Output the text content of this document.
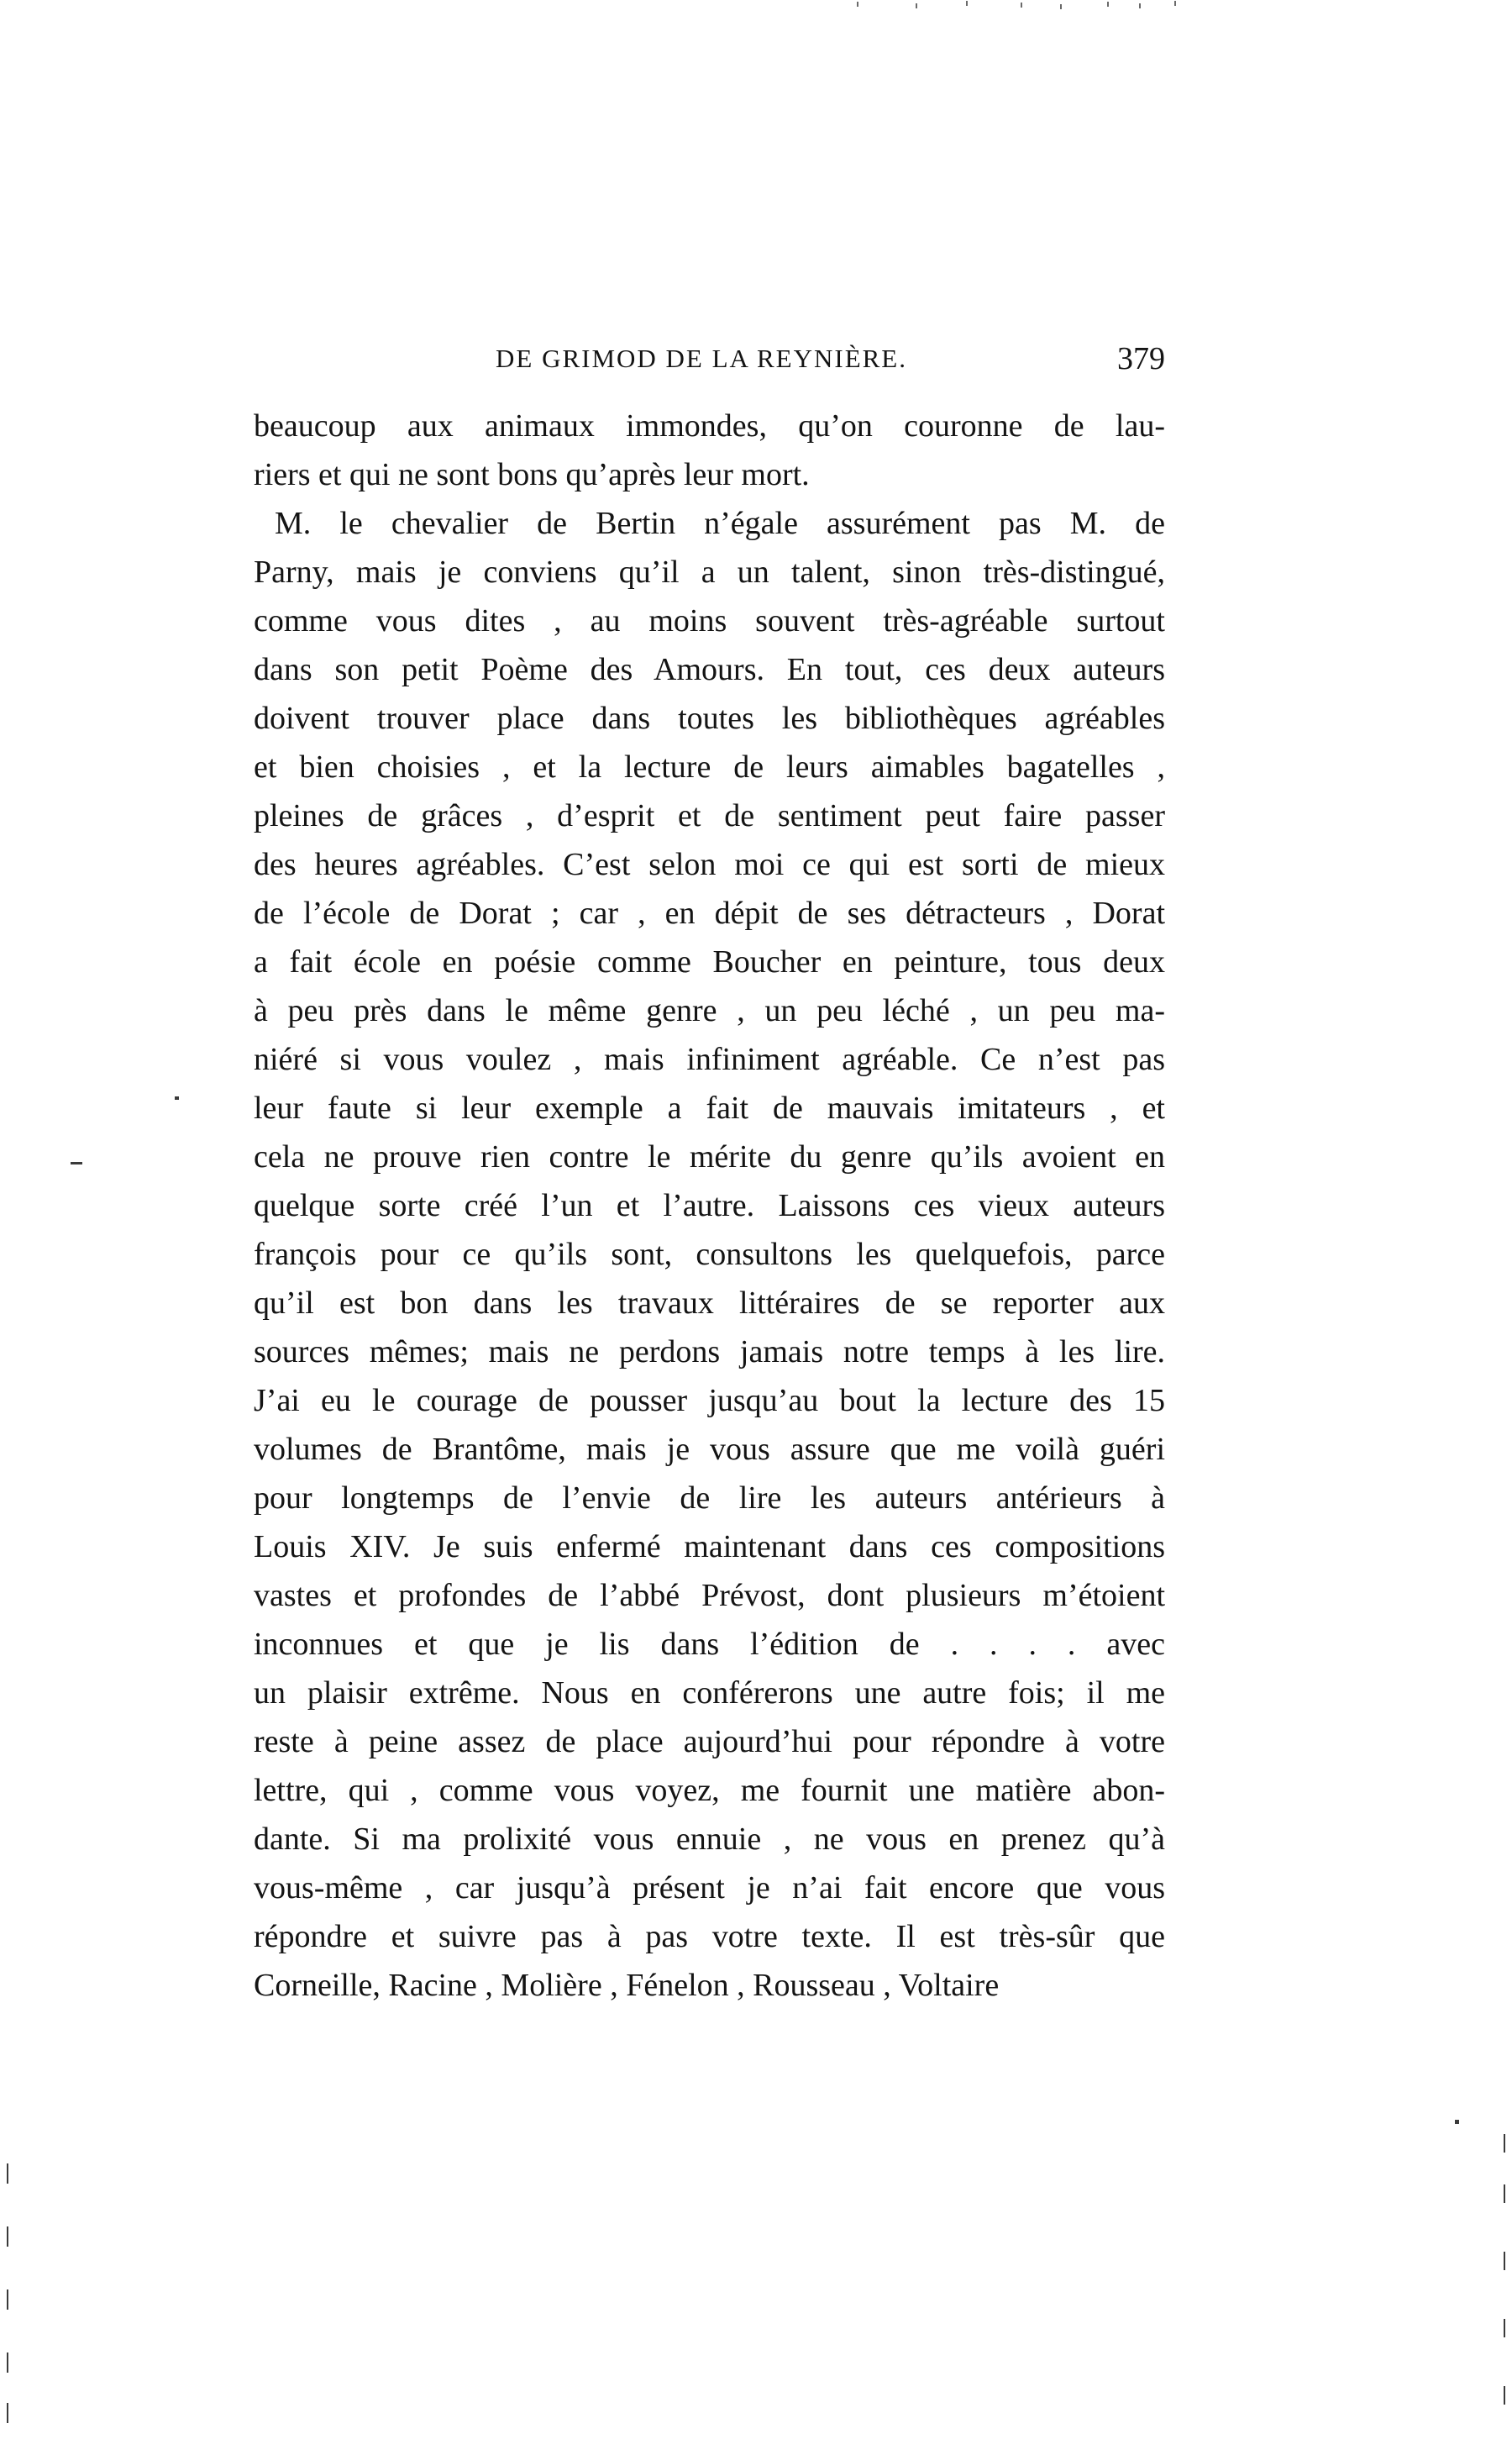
DE GRIMOD DE LA REYNIÈRE.	379
beaucoup aux animaux immondes, qu’on couronne de lau-
riers et qui ne sont bons qu’après leur mort.
M. le chevalier de Bertin n’égale assurément pas M. de
Parny, mais je conviens qu’il a un talent, sinon très-distingué,
comme vous dites , au moins souvent très-agréable surtout
dans son petit Poème des Amours. En tout, ces deux auteurs
doivent trouver place dans toutes les bibliothèques agréables
et bien choisies , et la lecture de leurs aimables bagatelles ,
pleines de grâces , d’esprit et de sentiment peut faire passer
des heures agréables. C’est selon moi ce qui est sorti de mieux
de l’école de Dorat ; car , en dépit de ses détracteurs , Dorat
a fait école en poésie comme Boucher en peinture, tous deux
à peu près dans le même genre , un peu léché , un peu ma-
niéré si vous voulez , mais infiniment agréable. Ce n’est pas
leur faute si leur exemple a fait de mauvais imitateurs , et
cela ne prouve rien contre le mérite du genre qu’ils avoient en
quelque sorte créé l’un et l’autre. Laissons ces vieux auteurs
françois pour ce qu’ils sont, consultons les quelquefois, parce
qu’il est bon dans les travaux littéraires de se reporter aux
sources mêmes; mais ne perdons jamais notre temps à les lire.
J’ai eu le courage de pousser jusqu’au bout la lecture des 15
volumes de Brantôme, mais je vous assure que me voilà guéri
pour longtemps de l’envie de lire les auteurs antérieurs à
Louis XIV. Je suis enfermé maintenant dans ces compositions
vastes et profondes de l’abbé Prévost, dont plusieurs m’étoient
inconnues et que je lis dans l’édition de . . . . avec
un plaisir extrême. Nous en conférerons une autre fois; il me
reste à peine assez de place aujourd’hui pour répondre à votre
lettre, qui , comme vous voyez, me fournit une matière abon-
dante. Si ma prolixité vous ennuie , ne vous en prenez qu’à
vous-même , car jusqu’à présent je n’ai fait encore que vous
répondre et suivre pas à pas votre texte. Il est très-sûr que
Corneille, Racine , Molière , Fénelon , Rousseau , Voltaire
